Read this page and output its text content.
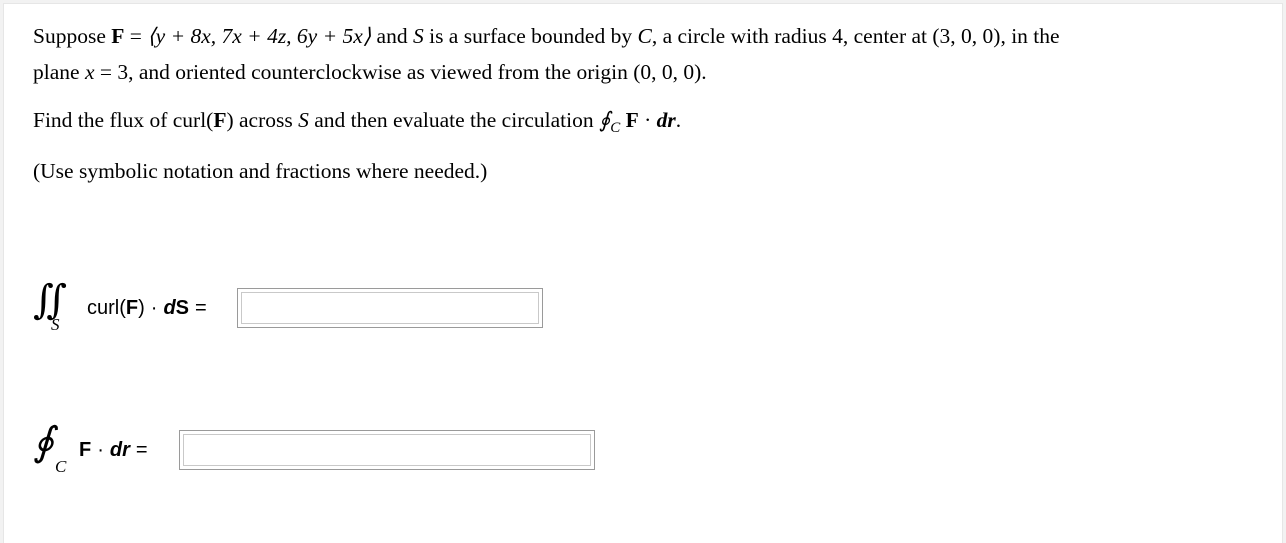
Suppose F = ⟨y + 8x, 7x + 4z, 6y + 5x⟩ and S is a surface bounded by C, a circle with radius 4, center at (3, 0, 0), in the

plane x = 3, and oriented counterclockwise as viewed from the origin (0, 0, 0).

Find the flux of curl(F) across S and then evaluate the circulation $∮_C$ F · dr.

(Use symbolic notation and fractions where needed.)

∬
S
curl(F) · dS =
∮
C
F · dr =
